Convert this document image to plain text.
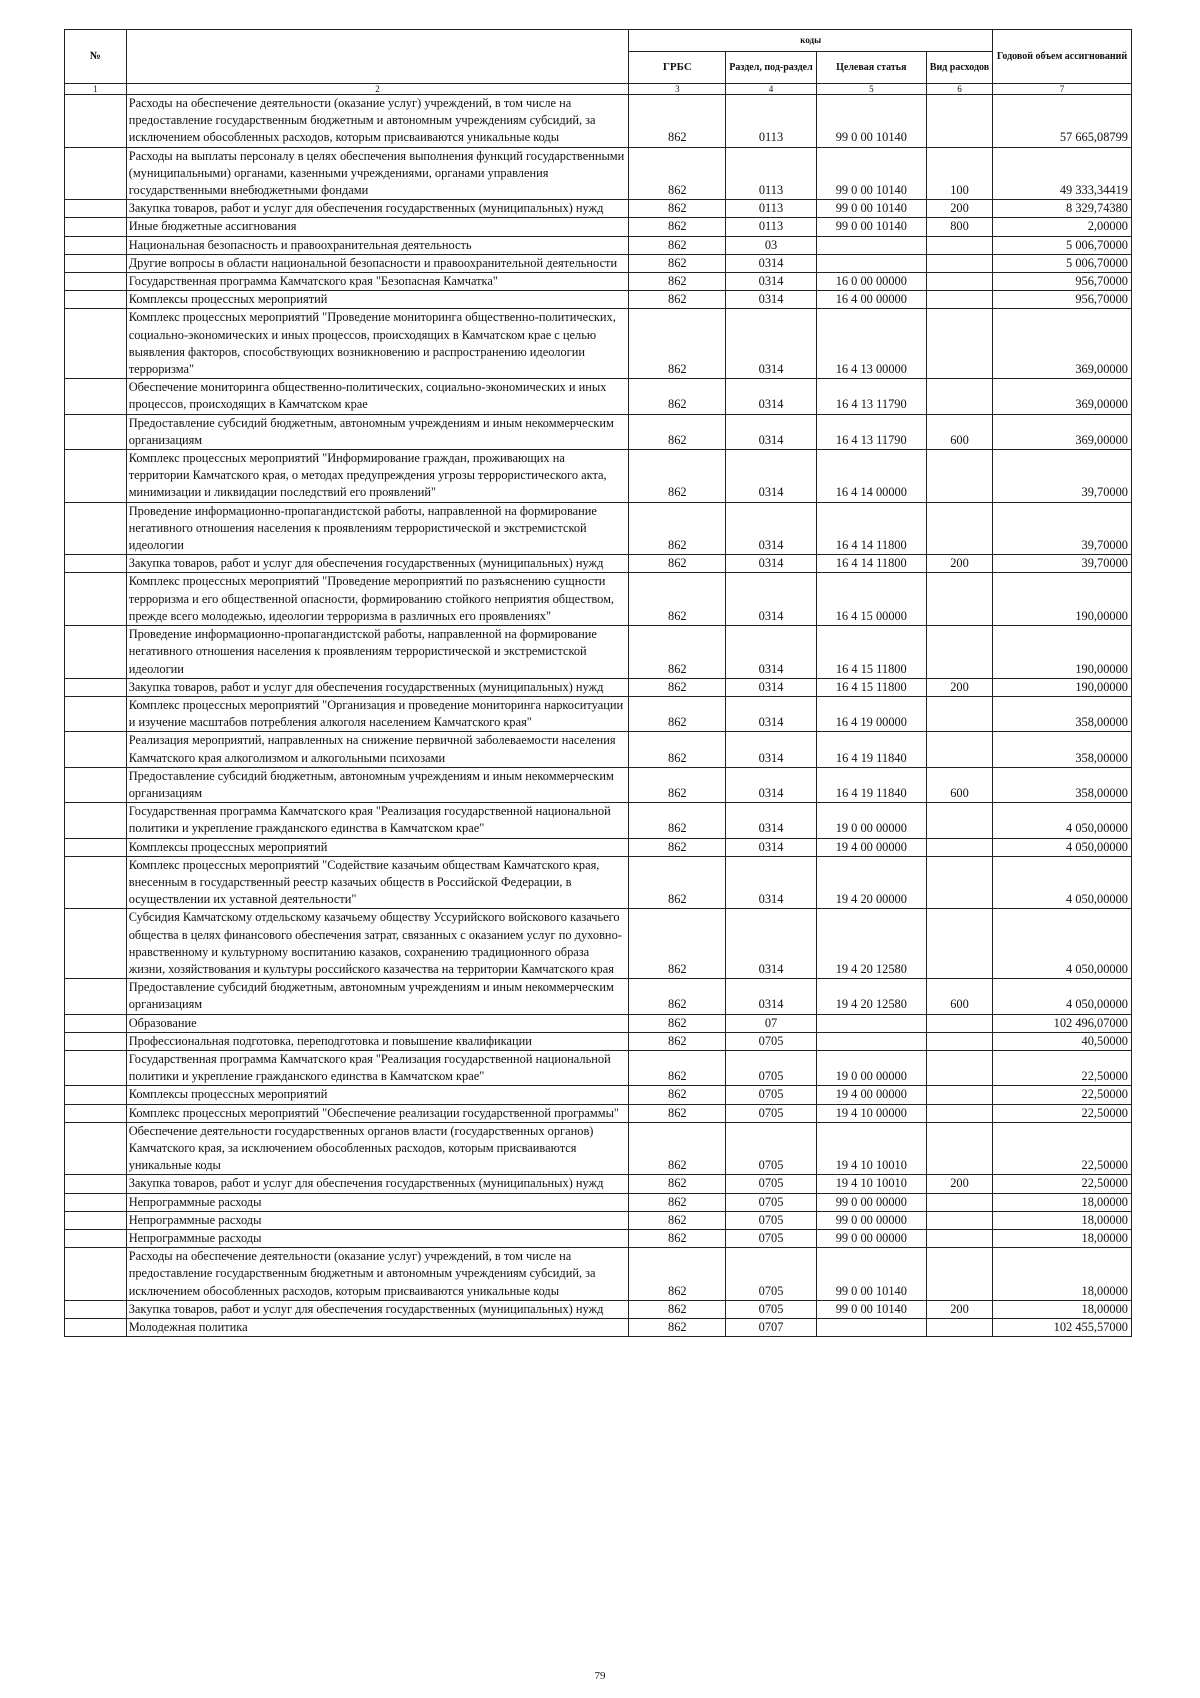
№		коды				Годовой объем ассигнований
		ГРБС	Раздел, под-раздел	Целевая статья	Вид расходов	
1	2	3	4	5	6	7
	Расходы на обеспечение деятельности (оказание услуг) учреждений, в том числе на предоставление государственным бюджетным и автономным учреждениям субсидий, за исключением обособленных расходов, которым присваиваются уникальные коды	862	0113	99 0 00 10140		57 665,08799
	Расходы на выплаты персоналу в целях обеспечения выполнения функций государственными (муниципальными) органами, казенными учреждениями, органами управления государственными внебюджетными фондами	862	0113	99 0 00 10140	100	49 333,34419
	Закупка товаров, работ и услуг для обеспечения государственных (муниципальных) нужд	862	0113	99 0 00 10140	200	8 329,74380
	Иные бюджетные ассигнования	862	0113	99 0 00 10140	800	2,00000
	Национальная безопасность и правоохранительная деятельность	862	03			5 006,70000
	Другие вопросы в области национальной безопасности и правоохранительной деятельности	862	0314			5 006,70000
	Государственная программа Камчатского края "Безопасная Камчатка"	862	0314	16 0 00 00000		956,70000
	Комплексы процессных мероприятий	862	0314	16 4 00 00000		956,70000
	Комплекс процессных мероприятий "Проведение мониторинга общественно-политических, социально-экономических и иных процессов, происходящих в Камчатском крае с целью выявления факторов, способствующих возникновению и распространению идеологии терроризма"	862	0314	16 4 13 00000		369,00000
	Обеспечение мониторинга общественно-политических, социально-экономических и иных процессов, происходящих в Камчатском крае	862	0314	16 4 13 11790		369,00000
	Предоставление субсидий бюджетным, автономным учреждениям и иным некоммерческим организациям	862	0314	16 4 13 11790	600	369,00000
	Комплекс процессных мероприятий "Информирование граждан, проживающих на территории Камчатского края, о методах предупреждения угрозы террористического акта, минимизации и ликвидации последствий его проявлений"	862	0314	16 4 14 00000		39,70000
	Проведение информационно-пропагандистской работы, направленной на формирование негативного отношения населения к проявлениям террористической и экстремистской идеологии	862	0314	16 4 14 11800		39,70000
	Закупка товаров, работ и услуг для обеспечения государственных (муниципальных) нужд	862	0314	16 4 14 11800	200	39,70000
	Комплекс процессных мероприятий "Проведение мероприятий по разъяснению сущности терроризма и его общественной опасности, формированию стойкого неприятия обществом, прежде всего молодежью, идеологии терроризма в различных его проявлениях"	862	0314	16 4 15 00000		190,00000
	Проведение информационно-пропагандистской работы, направленной на формирование негативного отношения населения к проявлениям террористической и экстремистской идеологии	862	0314	16 4 15 11800		190,00000
	Закупка товаров, работ и услуг для обеспечения государственных (муниципальных) нужд	862	0314	16 4 15 11800	200	190,00000
	Комплекс процессных мероприятий "Организация и проведение мониторинга наркоситуации и изучение масштабов потребления алкоголя населением Камчатского края"	862	0314	16 4 19 00000		358,00000
	Реализация мероприятий, направленных на снижение первичной заболеваемости населения Камчатского края алкоголизмом и алкогольными психозами	862	0314	16 4 19 11840		358,00000
	Предоставление субсидий бюджетным, автономным учреждениям и иным некоммерческим организациям	862	0314	16 4 19 11840	600	358,00000
	Государственная программа Камчатского края "Реализация государственной национальной политики и укрепление гражданского единства в Камчатском крае"	862	0314	19 0 00 00000		4 050,00000
	Комплексы процессных мероприятий	862	0314	19 4 00 00000		4 050,00000
	Комплекс процессных мероприятий "Содействие казачьим обществам Камчатского края, внесенным в государственный реестр казачьих обществ в Российской Федерации, в осуществлении их уставной деятельности"	862	0314	19 4 20 00000		4 050,00000
	Субсидия Камчатскому отдельскому казачьему обществу Уссурийского войскового казачьего общества в целях финансового обеспечения затрат, связанных с оказанием услуг по духовно-нравственному и культурному воспитанию казаков, сохранению традиционного образа жизни, хозяйствования и культуры российского казачества на территории Камчатского края	862	0314	19 4 20 12580		4 050,00000
	Предоставление субсидий бюджетным, автономным учреждениям и иным некоммерческим организациям	862	0314	19 4 20 12580	600	4 050,00000
	Образование	862	07			102 496,07000
	Профессиональная подготовка, переподготовка и повышение квалификации	862	0705			40,50000
	Государственная программа Камчатского края "Реализация государственной национальной политики и укрепление гражданского единства в Камчатском крае"	862	0705	19 0 00 00000		22,50000
	Комплексы процессных мероприятий	862	0705	19 4 00 00000		22,50000
	Комплекс процессных мероприятий "Обеспечение реализации государственной программы"	862	0705	19 4 10 00000		22,50000
	Обеспечение деятельности государственных органов власти (государственных органов) Камчатского края, за исключением обособленных расходов, которым присваиваются уникальные коды	862	0705	19 4 10 10010		22,50000
	Закупка товаров, работ и услуг для обеспечения государственных (муниципальных) нужд	862	0705	19 4 10 10010	200	22,50000
	Непрограммные расходы	862	0705	99 0 00 00000		18,00000
	Непрограммные расходы	862	0705	99 0 00 00000		18,00000
	Непрограммные расходы	862	0705	99 0 00 00000		18,00000
	Расходы на обеспечение деятельности (оказание услуг) учреждений, в том числе на предоставление государственным бюджетным и автономным учреждениям субсидий, за исключением обособленных расходов, которым присваиваются уникальные коды	862	0705	99 0 00 10140		18,00000
	Закупка товаров, работ и услуг для обеспечения государственных (муниципальных) нужд	862	0705	99 0 00 10140	200	18,00000
	Молодежная политика	862	0707			102 455,57000
79
